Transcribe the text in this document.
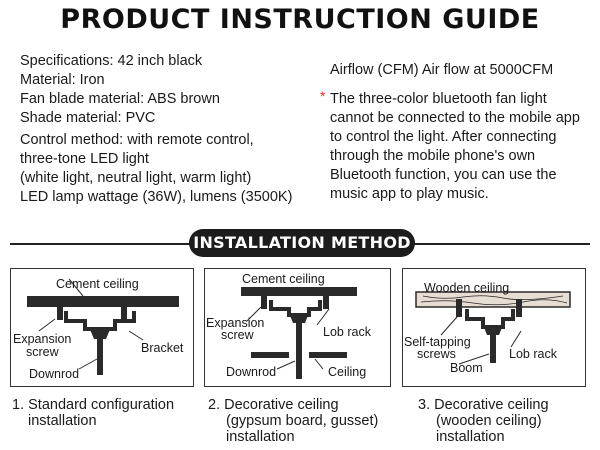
PRODUCT INSTRUCTION GUIDE
Specifications: 42 inch black
Material: Iron
Fan blade material: ABS brown
Shade material: PVC
Control method: with remote control,
three-tone LED light
(white light, neutral light, warm light)
LED lamp wattage (36W), lumens (3500K)
Airflow (CFM) Air flow at 5000CFM
* The three-color bluetooth fan light cannot be connected to the mobile app to control the light. After connecting through the mobile phone's own Bluetooth function, you can use the music app to play music.
INSTALLATION METHOD
Cement ceiling
Expansion
screw	Bracket
Downrod
Cement ceiling
Expansion
screw	Lob rack
Downrod	Ceiling
Wooden ceiling
Self-tapping
screws	Lob rack
Boom
1. Standard configuration
installation
2. Decorative ceiling
(gypsum board, gusset)
installation
3. Decorative ceiling
(wooden ceiling)
installation
